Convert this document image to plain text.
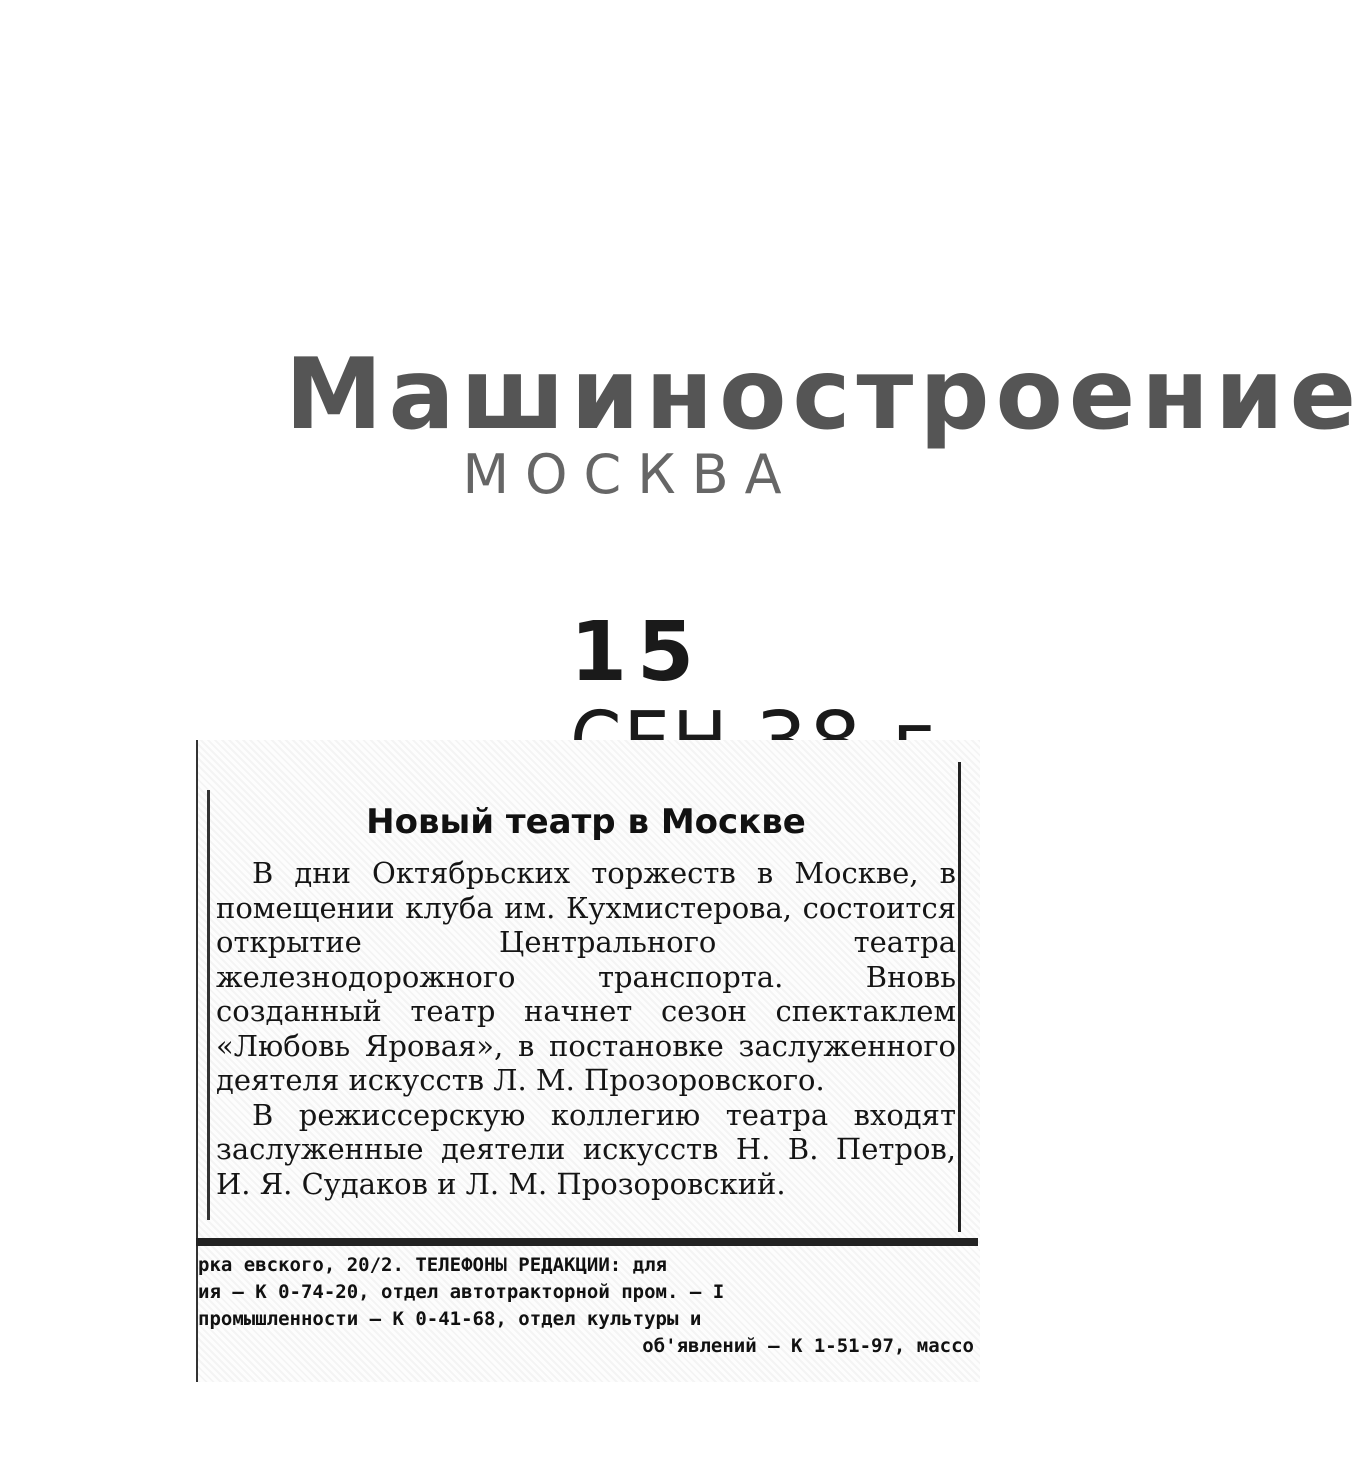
Машиностроение
МОСКВА
15
Новый театр в Москве

В дни Октябрьских торжеств в Москве, в помещении клуба им. Кухмистерова, состоится открытие Центрального театра железнодорожного транспорта. Вновь созданный театр начнет сезон спектаклем «Любовь Яровая», в постановке заслуженного деятеля искусств Л. М. Прозоровского.

В режиссерскую коллегию театра входят заслуженные деятели искусств Н. В. Петров, И. Я. Судаков и Л. М. Прозоровский.

рка евского, 20/2. ТЕЛЕФОНЫ РЕДАКЦИИ: для
ия — К 0-74-20, отдел автотракторной пром. — I
промышленности — К 0-41-68, отдел культуры и
об'явлений — К 1-51-97, массо
